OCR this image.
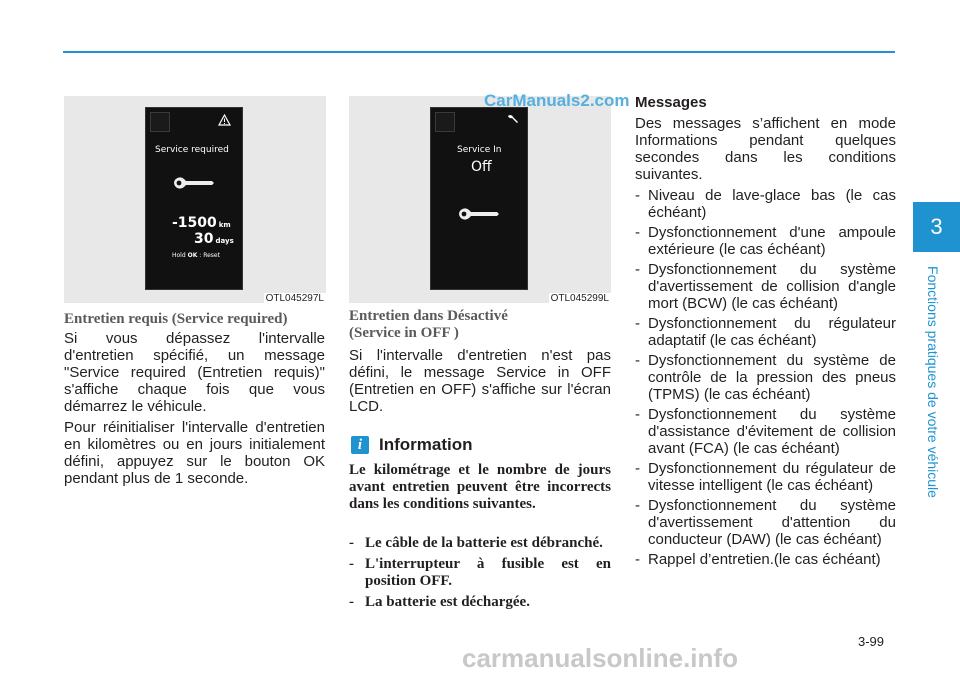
Service required
-1500 km
30 days
Hold OK : Reset
OTL045297L
Service In
Off
OTL045299L
CarManuals2.com
Entretien requis (Service required)
Si vous dépassez l'intervalle d'entretien spécifié, un message "Service required (Entretien requis)" s'affiche chaque fois que vous démarrez le véhicule.
Pour réinitialiser l'intervalle d'entretien en kilomètres ou en jours initialement défini, appuyez sur le bouton OK pendant plus de 1 seconde.
Entretien dans Désactivé
(Service in OFF )
Si l'intervalle d'entretien n'est pas défini, le message Service in OFF (Entretien en OFF) s'affiche sur l'écran LCD.
i Information
Le kilométrage et le nombre de jours avant entretien peuvent être incorrects dans les conditions suivantes.
- Le câble de la batterie est débranché.
- L'interrupteur à fusible est en position OFF.
- La batterie est déchargée.
Messages
Des messages s’affichent en mode Informations pendant quelques secondes dans les conditions suivantes.
- Niveau de lave-glace bas (le cas échéant)
- Dysfonctionnement d'une ampoule extérieure (le cas échéant)
- Dysfonctionnement du système d'avertissement de collision d'angle mort (BCW) (le cas échéant)
- Dysfonctionnement du régulateur adaptatif (le cas échéant)
- Dysfonctionnement du système de contrôle de la pression des pneus (TPMS) (le cas échéant)
- Dysfonctionnement du système d'assistance d'évitement de collision avant (FCA) (le cas échéant)
- Dysfonctionnement du régulateur de vitesse intelligent (le cas échéant)
- Dysfonctionnement du système d'avertissement d'attention du conducteur (DAW) (le cas échéant)
- Rappel d’entretien.(le cas échéant)
3
Fonctions pratiques de votre véhicule
3-99
carmanualsonline.info
